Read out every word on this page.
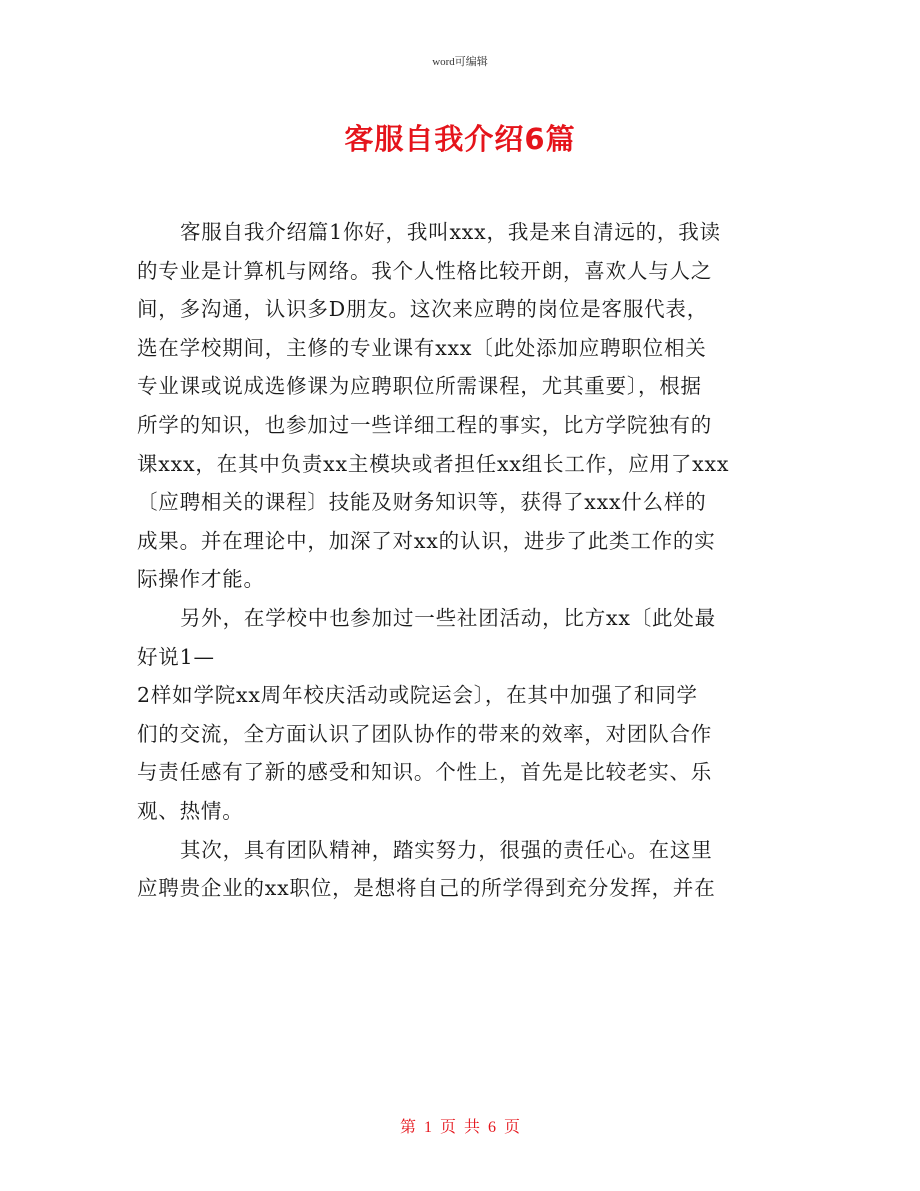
word可编辑
客服自我介绍6篇
客服自我介绍篇1你好，我叫xxx，我是来自清远的，我读
的专业是计算机与网络。我个人性格比较开朗，喜欢人与人之
间，多沟通，认识多D朋友。这次来应聘的岗位是客服代表，
选在学校期间，主修的专业课有xxx〔此处添加应聘职位相关
专业课或说成选修课为应聘职位所需课程，尤其重要〕，根据
所学的知识，也参加过一些详细工程的事实，比方学院独有的
课xxx，在其中负责xx主模块或者担任xx组长工作，应用了xxx
〔应聘相关的课程〕技能及财务知识等，获得了xxx什么样的
成果。并在理论中，加深了对xx的认识，进步了此类工作的实
际操作才能。
另外，在学校中也参加过一些社团活动，比方xx〔此处最
好说1—
2样如学院xx周年校庆活动或院运会〕，在其中加强了和同学
们的交流，全方面认识了团队协作的带来的效率，对团队合作
与责任感有了新的感受和知识。个性上，首先是比较老实、乐
观、热情。
其次，具有团队精神，踏实努力，很强的责任心。在这里
应聘贵企业的xx职位，是想将自己的所学得到充分发挥，并在
第 1 页 共 6 页
